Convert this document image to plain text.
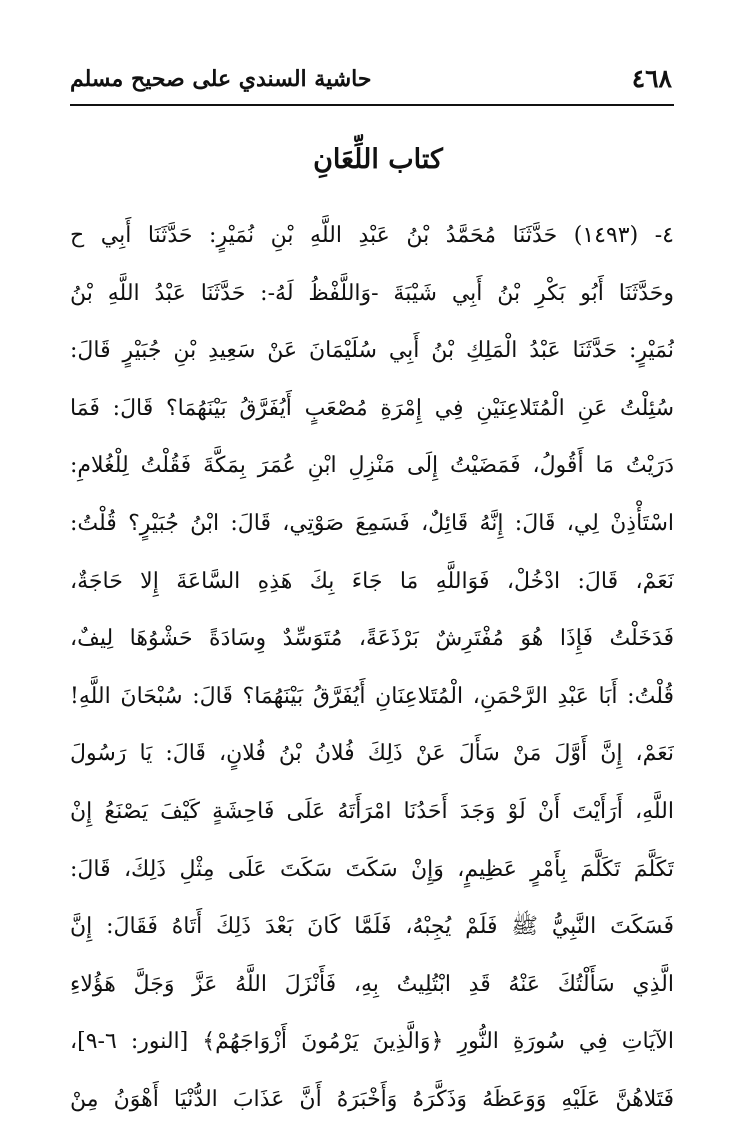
٤٦٨
حاشية السندي على صحيح مسلم
كتاب اللِّعَانِ
٤- (١٤٩٣) حَدَّثَنَا مُحَمَّدُ بْنُ عَبْدِ اللَّهِ بْنِ نُمَيْرٍ: حَدَّثَنَا أَبِي ح
وحَدَّثَنَا أَبُو بَكْرِ بْنُ أَبِي شَيْبَةَ -وَاللَّفْظُ لَهُ-: حَدَّثَنَا عَبْدُ اللَّهِ بْنُ
نُمَيْرٍ: حَدَّثَنَا عَبْدُ الْمَلِكِ بْنُ أَبِي سُلَيْمَانَ عَنْ سَعِيدِ بْنِ جُبَيْرٍ قَالَ:
سُئِلْتُ عَنِ الْمُتَلاعِنَيْنِ فِي إِمْرَةِ مُصْعَبٍ أَيُفَرَّقُ بَيْنَهُمَا؟ قَالَ: فَمَا
دَرَيْتُ مَا أَقُولُ، فَمَضَيْتُ إِلَى مَنْزِلِ ابْنِ عُمَرَ بِمَكَّةَ فَقُلْتُ لِلْغُلامِ:
اسْتَأْذِنْ لِي، قَالَ: إِنَّهُ قَائِلٌ، فَسَمِعَ صَوْتِي، قَالَ: ابْنُ جُبَيْرٍ؟ قُلْتُ:
نَعَمْ، قَالَ: ادْخُلْ، فَوَاللَّهِ مَا جَاءَ بِكَ هَذِهِ السَّاعَةَ إِلا حَاجَةٌ،
فَدَخَلْتُ فَإِذَا هُوَ مُفْتَرِشٌ بَرْذَعَةً، مُتَوَسِّدٌ وِسَادَةً حَشْوُهَا لِيفٌ،
قُلْتُ: أَبَا عَبْدِ الرَّحْمَنِ، الْمُتَلاعِنَانِ أَيُفَرَّقُ بَيْنَهُمَا؟ قَالَ: سُبْحَانَ اللَّهِ!
نَعَمْ، إِنَّ أَوَّلَ مَنْ سَأَلَ عَنْ ذَلِكَ فُلانُ بْنُ فُلانٍ، قَالَ: يَا رَسُولَ
اللَّهِ، أَرَأَيْتَ أَنْ لَوْ وَجَدَ أَحَدُنَا امْرَأَتَهُ عَلَى فَاحِشَةٍ كَيْفَ يَصْنَعُ إِنْ
تَكَلَّمَ تَكَلَّمَ بِأَمْرٍ عَظِيمٍ، وَإِنْ سَكَتَ سَكَتَ عَلَى مِثْلِ ذَلِكَ، قَالَ:
فَسَكَتَ النَّبِيُّ ﷺ فَلَمْ يُجِبْهُ، فَلَمَّا كَانَ بَعْدَ ذَلِكَ أَتَاهُ فَقَالَ: إِنَّ
الَّذِي سَأَلْتُكَ عَنْهُ قَدِ ابْتُلِيتُ بِهِ، فَأَنْزَلَ اللَّهُ عَزَّ وَجَلَّ هَؤُلاءِ
الآيَاتِ فِي سُورَةِ النُّورِ ﴿وَالَّذِينَ يَرْمُونَ أَزْوَاجَهُمْ﴾ [النور: ٦-٩]،
فَتَلاهُنَّ عَلَيْهِ وَوَعَظَهُ وَذَكَّرَهُ وَأَخْبَرَهُ أَنَّ عَذَابَ الدُّنْيَا أَهْوَنُ مِنْ
